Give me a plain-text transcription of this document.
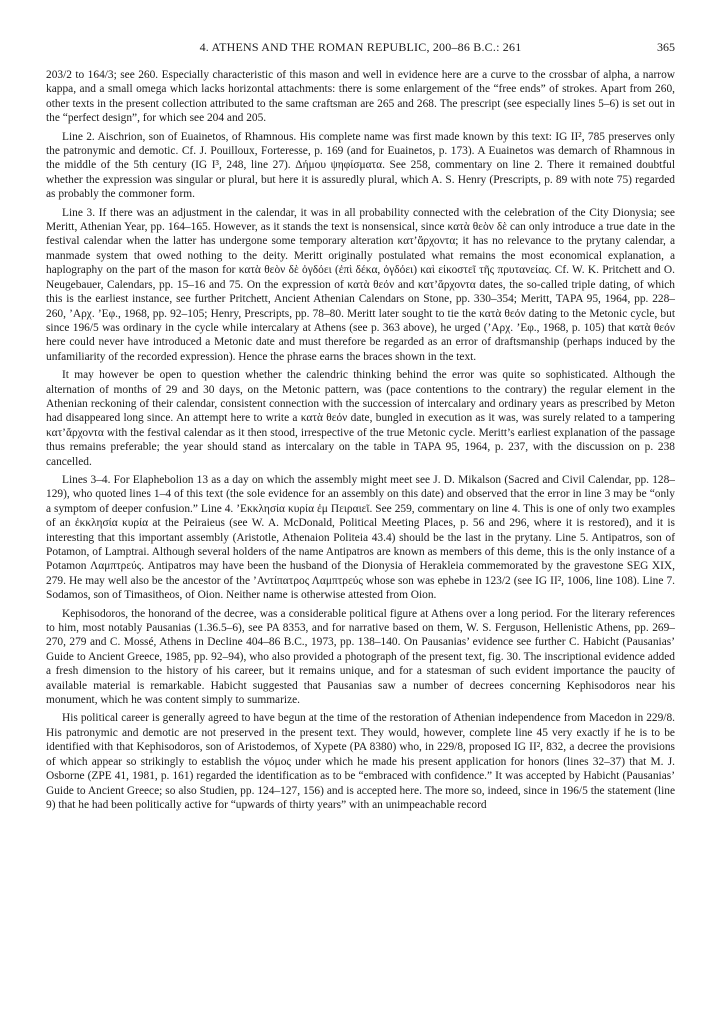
4. ATHENS AND THE ROMAN REPUBLIC, 200–86 B.C.: 261	365

203/2 to 164/3; see 260. Especially characteristic of this mason and well in evidence here are a curve to the crossbar of alpha, a narrow kappa, and a small omega which lacks horizontal attachments: there is some enlargement of the “free ends” of strokes. Apart from 260, other texts in the present collection attributed to the same craftsman are 265 and 268. The prescript (see especially lines 5–6) is set out in the “perfect design”, for which see 204 and 205.

Line 2. Aischrion, son of Euainetos, of Rhamnous. His complete name was first made known by this text: IG II², 785 preserves only the patronymic and demotic. Cf. J. Pouilloux, Forteresse, p. 169 (and for Euainetos, p. 173). A Euainetos was demarch of Rhamnous in the middle of the 5th century (IG I³, 248, line 27). Δήμου ψηφίσματα. See 258, commentary on line 2. There it remained doubtful whether the expression was singular or plural, but here it is assuredly plural, which A. S. Henry (Prescripts, p. 89 with note 75) regarded as probably the commoner form.

Line 3. If there was an adjustment in the calendar, it was in all probability connected with the celebration of the City Dionysia; see Meritt, Athenian Year, pp. 164–165. However, as it stands the text is nonsensical, since κατὰ θεὸν δὲ can only introduce a true date in the festival calendar when the latter has undergone some temporary alteration κατ’ἄρχοντα; it has no relevance to the prytany calendar, a manmade system that owed nothing to the deity. Meritt originally postulated what remains the most economical explanation, a haplography on the part of the mason for κατὰ θεὸν δὲ ὀγδόει (ἐπὶ δέκα, ὀγδόει) καὶ εἰκοστεῖ τῆς πρυτανείας. Cf. W. K. Pritchett and O. Neugebauer, Calendars, pp. 15–16 and 75. On the expression of κατὰ θεόν and κατ’ἄρχοντα dates, the so-called triple dating, of which this is the earliest instance, see further Pritchett, Ancient Athenian Calendars on Stone, pp. 330–354; Meritt, TAPA 95, 1964, pp. 228–260, ’Αρχ. ’Εφ., 1968, pp. 92–105; Henry, Prescripts, pp. 78–80. Meritt later sought to tie the κατὰ θεόν dating to the Metonic cycle, but since 196/5 was ordinary in the cycle while intercalary at Athens (see p. 363 above), he urged (’Αρχ. ’Εφ., 1968, p. 105) that κατὰ θεόν here could never have introduced a Metonic date and must therefore be regarded as an error of draftsmanship (perhaps induced by the unfamiliarity of the recorded expression). Hence the phrase earns the braces shown in the text.

It may however be open to question whether the calendric thinking behind the error was quite so sophisticated. Although the alternation of months of 29 and 30 days, on the Metonic pattern, was (pace contentions to the contrary) the regular element in the Athenian reckoning of their calendar, consistent connection with the succession of intercalary and ordinary years as prescribed by Meton had disappeared long since. An attempt here to write a κατὰ θεόν date, bungled in execution as it was, was surely related to a tampering κατ’ἄρχοντα with the festival calendar as it then stood, irrespective of the true Metonic cycle. Meritt’s earliest explanation of the passage thus remains preferable; the year should stand as intercalary on the table in TAPA 95, 1964, p. 237, with the discussion on p. 238 cancelled.

Lines 3–4. For Elaphebolion 13 as a day on which the assembly might meet see J. D. Mikalson (Sacred and Civil Calendar, pp. 128–129), who quoted lines 1–4 of this text (the sole evidence for an assembly on this date) and observed that the error in line 3 may be “only a symptom of deeper confusion.” Line 4. ’Εκκλησία κυρία ἐμ Πειραιεῖ. See 259, commentary on line 4. This is one of only two examples of an ἐκκλησία κυρία at the Peiraieus (see W. A. McDonald, Political Meeting Places, p. 56 and 296, where it is restored), and it is interesting that this important assembly (Aristotle, Athenaion Politeia 43.4) should be the last in the prytany. Line 5. Antipatros, son of Potamon, of Lamptrai. Although several holders of the name Antipatros are known as members of this deme, this is the only instance of a Potamon Λαμπτρεύς. Antipatros may have been the husband of the Dionysia of Herakleia commemorated by the gravestone SEG XIX, 279. He may well also be the ancestor of the ’Αντίπατρος Λαμπτρεύς whose son was ephebe in 123/2 (see IG II², 1006, line 108). Line 7. Sodamos, son of Timasitheos, of Oion. Neither name is otherwise attested from Oion.

Kephisodoros, the honorand of the decree, was a considerable political figure at Athens over a long period. For the literary references to him, most notably Pausanias (1.36.5–6), see PA 8353, and for narrative based on them, W. S. Ferguson, Hellenistic Athens, pp. 269–270, 279 and C. Mossé, Athens in Decline 404–86 B.C., 1973, pp. 138–140. On Pausanias’ evidence see further C. Habicht (Pausanias’ Guide to Ancient Greece, 1985, pp. 92–94), who also provided a photograph of the present text, fig. 30. The inscriptional evidence added a fresh dimension to the history of his career, but it remains unique, and for a statesman of such evident importance the paucity of available material is remarkable. Habicht suggested that Pausanias saw a number of decrees concerning Kephisodoros near his monument, which he was content simply to summarize.

His political career is generally agreed to have begun at the time of the restoration of Athenian independence from Macedon in 229/8. His patronymic and demotic are not preserved in the present text. They would, however, complete line 45 very exactly if he is to be identified with that Kephisodoros, son of Aristodemos, of Xypete (PA 8380) who, in 229/8, proposed IG II², 832, a decree the provisions of which appear so strikingly to establish the νόμος under which he made his present application for honors (lines 32–37) that M. J. Osborne (ZPE 41, 1981, p. 161) regarded the identification as to be “embraced with confidence.” It was accepted by Habicht (Pausanias’ Guide to Ancient Greece; so also Studien, pp. 124–127, 156) and is accepted here. The more so, indeed, since in 196/5 the statement (line 9) that he had been politically active for “upwards of thirty years” with an unimpeachable record
